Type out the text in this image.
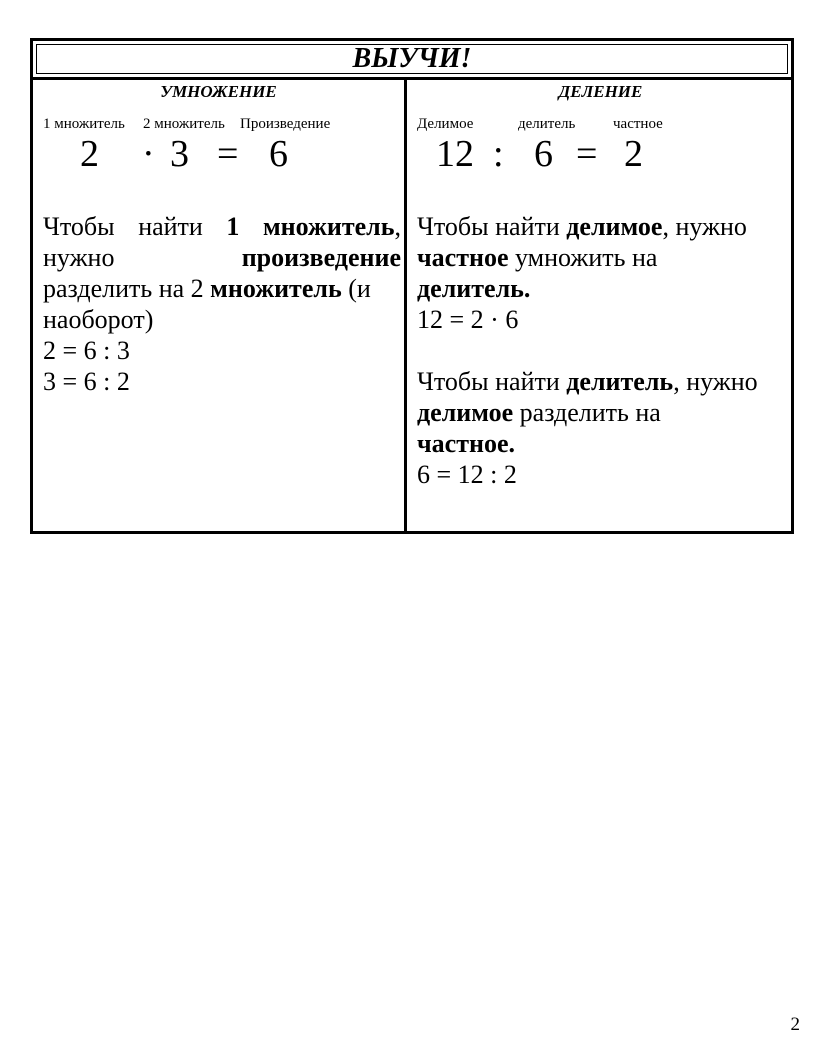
ВЫУЧИ!
УМНОЖЕНИЕ
1 множитель 2 множитель Произведение
2 · 3 = 6
Чтобы найти 1 множитель,
нужно	произведение
разделить на 2 множитель (и
наоборот)
2 = 6 : 3
3 = 6 : 2
ДЕЛЕНИЕ
Делимое	делитель	частное
12 : 6 = 2
Чтобы найти делимое, нужно
частное умножить на
делитель.
12 = 2 · 6
Чтобы найти делитель, нужно
делимое разделить на
частное.
6 = 12 : 2
2
